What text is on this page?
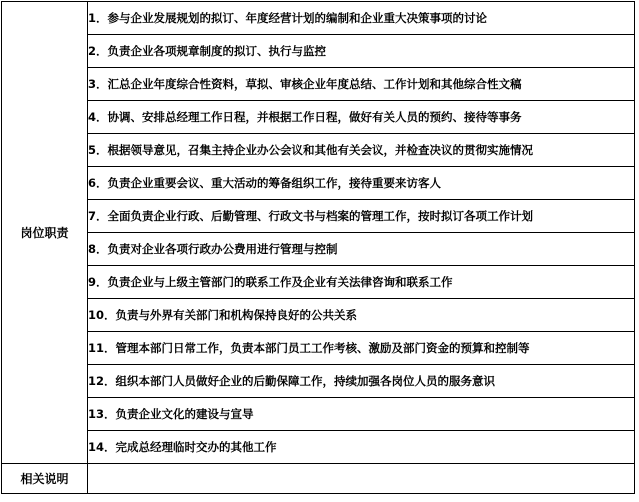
岗位职责	1．参与企业发展规划的拟订、年度经营计划的编制和企业重大决策事项的讨论
	2．负责企业各项规章制度的拟订、执行与监控
	3．汇总企业年度综合性资料，草拟、审核企业年度总结、工作计划和其他综合性文稿
	4．协调、安排总经理工作日程，并根据工作日程，做好有关人员的预约、接待等事务
	5．根据领导意见，召集主持企业办公会议和其他有关会议，并检查决议的贯彻实施情况
	6．负责企业重要会议、重大活动的筹备组织工作，接待重要来访客人
	7．全面负责企业行政、后勤管理、行政文书与档案的管理工作，按时拟订各项工作计划
	8．负责对企业各项行政办公费用进行管理与控制
	9．负责企业与上级主管部门的联系工作及企业有关法律咨询和联系工作
	10．负责与外界有关部门和机构保持良好的公共关系
	11．管理本部门日常工作，负责本部门员工工作考核、激励及部门资金的预算和控制等
	12．组织本部门人员做好企业的后勤保障工作，持续加强各岗位人员的服务意识
	13．负责企业文化的建设与宣导
	14．完成总经理临时交办的其他工作
相关说明	
